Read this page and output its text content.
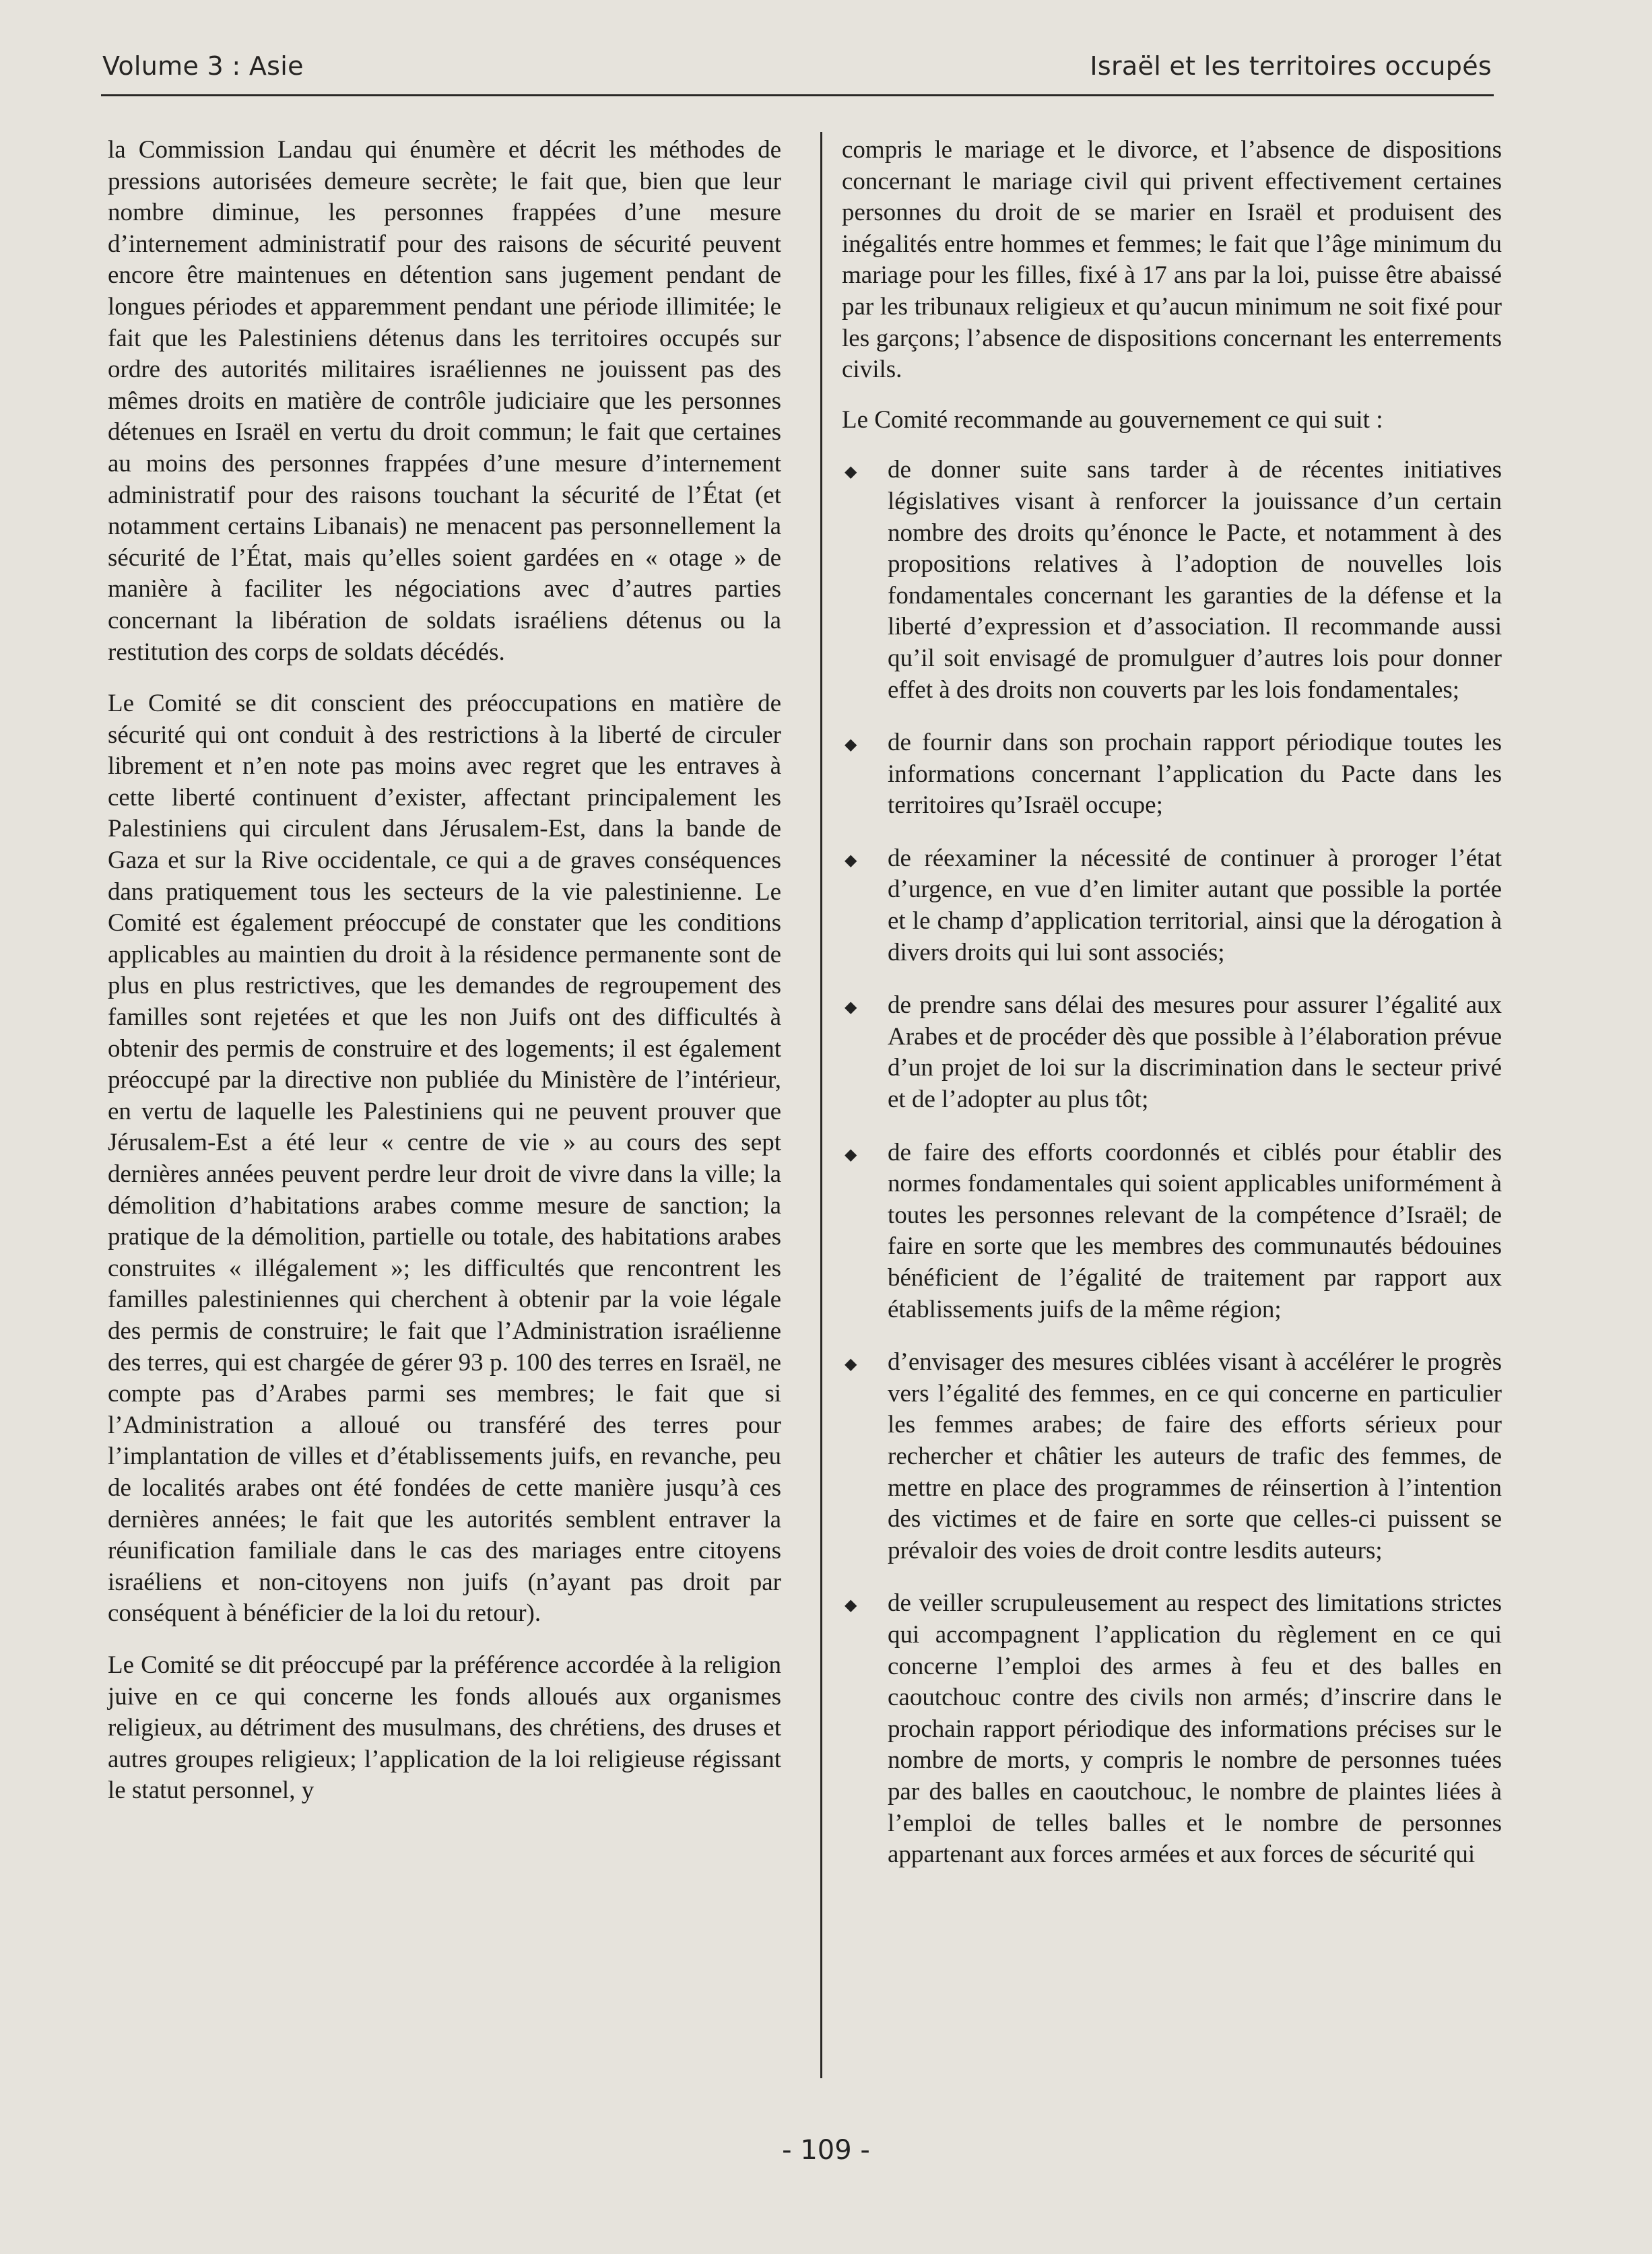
Volume 3 : Asie	Israël et les territoires occupés

la Commission Landau qui énumère et décrit les méthodes de pressions autorisées demeure secrète; le fait que, bien que leur nombre diminue, les personnes frappées d’une mesure d’internement administratif pour des raisons de sécurité peuvent encore être maintenues en détention sans jugement pendant de longues périodes et apparemment pendant une période illimitée; le fait que les Palestiniens détenus dans les territoires occupés sur ordre des autorités militaires israéliennes ne jouissent pas des mêmes droits en matière de contrôle judiciaire que les personnes détenues en Israël en vertu du droit commun; le fait que certaines au moins des personnes frappées d’une mesure d’internement administratif pour des raisons touchant la sécurité de l’État (et notamment certains Libanais) ne menacent pas personnellement la sécurité de l’État, mais qu’elles soient gardées en « otage » de manière à faciliter les négociations avec d’autres parties concernant la libération de soldats israéliens détenus ou la restitution des corps de soldats décédés.

Le Comité se dit conscient des préoccupations en matière de sécurité qui ont conduit à des restrictions à la liberté de circuler librement et n’en note pas moins avec regret que les entraves à cette liberté continuent d’exister, affectant principalement les Palestiniens qui circulent dans Jérusalem-Est, dans la bande de Gaza et sur la Rive occidentale, ce qui a de graves conséquences dans pratiquement tous les secteurs de la vie palestinienne. Le Comité est également préoccupé de constater que les conditions applicables au maintien du droit à la résidence permanente sont de plus en plus restrictives, que les demandes de regroupement des familles sont rejetées et que les non Juifs ont des difficultés à obtenir des permis de construire et des logements; il est également préoccupé par la directive non publiée du Ministère de l’intérieur, en vertu de laquelle les Palestiniens qui ne peuvent prouver que Jérusalem-Est a été leur « centre de vie » au cours des sept dernières années peuvent perdre leur droit de vivre dans la ville; la démolition d’habitations arabes comme mesure de sanction; la pratique de la démolition, partielle ou totale, des habitations arabes construites « illégalement »; les difficultés que rencontrent les familles palestiniennes qui cherchent à obtenir par la voie légale des permis de construire; le fait que l’Administration israélienne des terres, qui est chargée de gérer 93 p. 100 des terres en Israël, ne compte pas d’Arabes parmi ses membres; le fait que si l’Administration a alloué ou transféré des terres pour l’implantation de villes et d’établissements juifs, en revanche, peu de localités arabes ont été fondées de cette manière jusqu’à ces dernières années; le fait que les autorités semblent entraver la réunification familiale dans le cas des mariages entre citoyens israéliens et non-citoyens non juifs (n’ayant pas droit par conséquent à bénéficier de la loi du retour).

Le Comité se dit préoccupé par la préférence accordée à la religion juive en ce qui concerne les fonds alloués aux organismes religieux, au détriment des musulmans, des chrétiens, des druses et autres groupes religieux; l’application de la loi religieuse régissant le statut personnel, y

compris le mariage et le divorce, et l’absence de dispositions concernant le mariage civil qui privent effectivement certaines personnes du droit de se marier en Israël et produisent des inégalités entre hommes et femmes; le fait que l’âge minimum du mariage pour les filles, fixé à 17 ans par la loi, puisse être abaissé par les tribunaux religieux et qu’aucun minimum ne soit fixé pour les garçons; l’absence de dispositions concernant les enterrements civils.

Le Comité recommande au gouvernement ce qui suit :

◆ de donner suite sans tarder à de récentes initiatives législatives visant à renforcer la jouissance d’un certain nombre des droits qu’énonce le Pacte, et notamment à des propositions relatives à l’adoption de nouvelles lois fondamentales concernant les garanties de la défense et la liberté d’expression et d’association. Il recommande aussi qu’il soit envisagé de promulguer d’autres lois pour donner effet à des droits non couverts par les lois fondamentales;
◆ de fournir dans son prochain rapport périodique toutes les informations concernant l’application du Pacte dans les territoires qu’Israël occupe;
◆ de réexaminer la nécessité de continuer à proroger l’état d’urgence, en vue d’en limiter autant que possible la portée et le champ d’application territorial, ainsi que la dérogation à divers droits qui lui sont associés;
◆ de prendre sans délai des mesures pour assurer l’égalité aux Arabes et de procéder dès que possible à l’élaboration prévue d’un projet de loi sur la discrimination dans le secteur privé et de l’adopter au plus tôt;
◆ de faire des efforts coordonnés et ciblés pour établir des normes fondamentales qui soient applicables uniformément à toutes les personnes relevant de la compétence d’Israël; de faire en sorte que les membres des communautés bédouines bénéficient de l’égalité de traitement par rapport aux établissements juifs de la même région;
◆ d’envisager des mesures ciblées visant à accélérer le progrès vers l’égalité des femmes, en ce qui concerne en particulier les femmes arabes; de faire des efforts sérieux pour rechercher et châtier les auteurs de trafic des femmes, de mettre en place des programmes de réinsertion à l’intention des victimes et de faire en sorte que celles-ci puissent se prévaloir des voies de droit contre lesdits auteurs;
◆ de veiller scrupuleusement au respect des limitations strictes qui accompagnent l’application du règlement en ce qui concerne l’emploi des armes à feu et des balles en caoutchouc contre des civils non armés; d’inscrire dans le prochain rapport périodique des informations précises sur le nombre de morts, y compris le nombre de personnes tuées par des balles en caoutchouc, le nombre de plaintes liées à l’emploi de telles balles et le nombre de personnes appartenant aux forces armées et aux forces de sécurité qui
- 109 -
